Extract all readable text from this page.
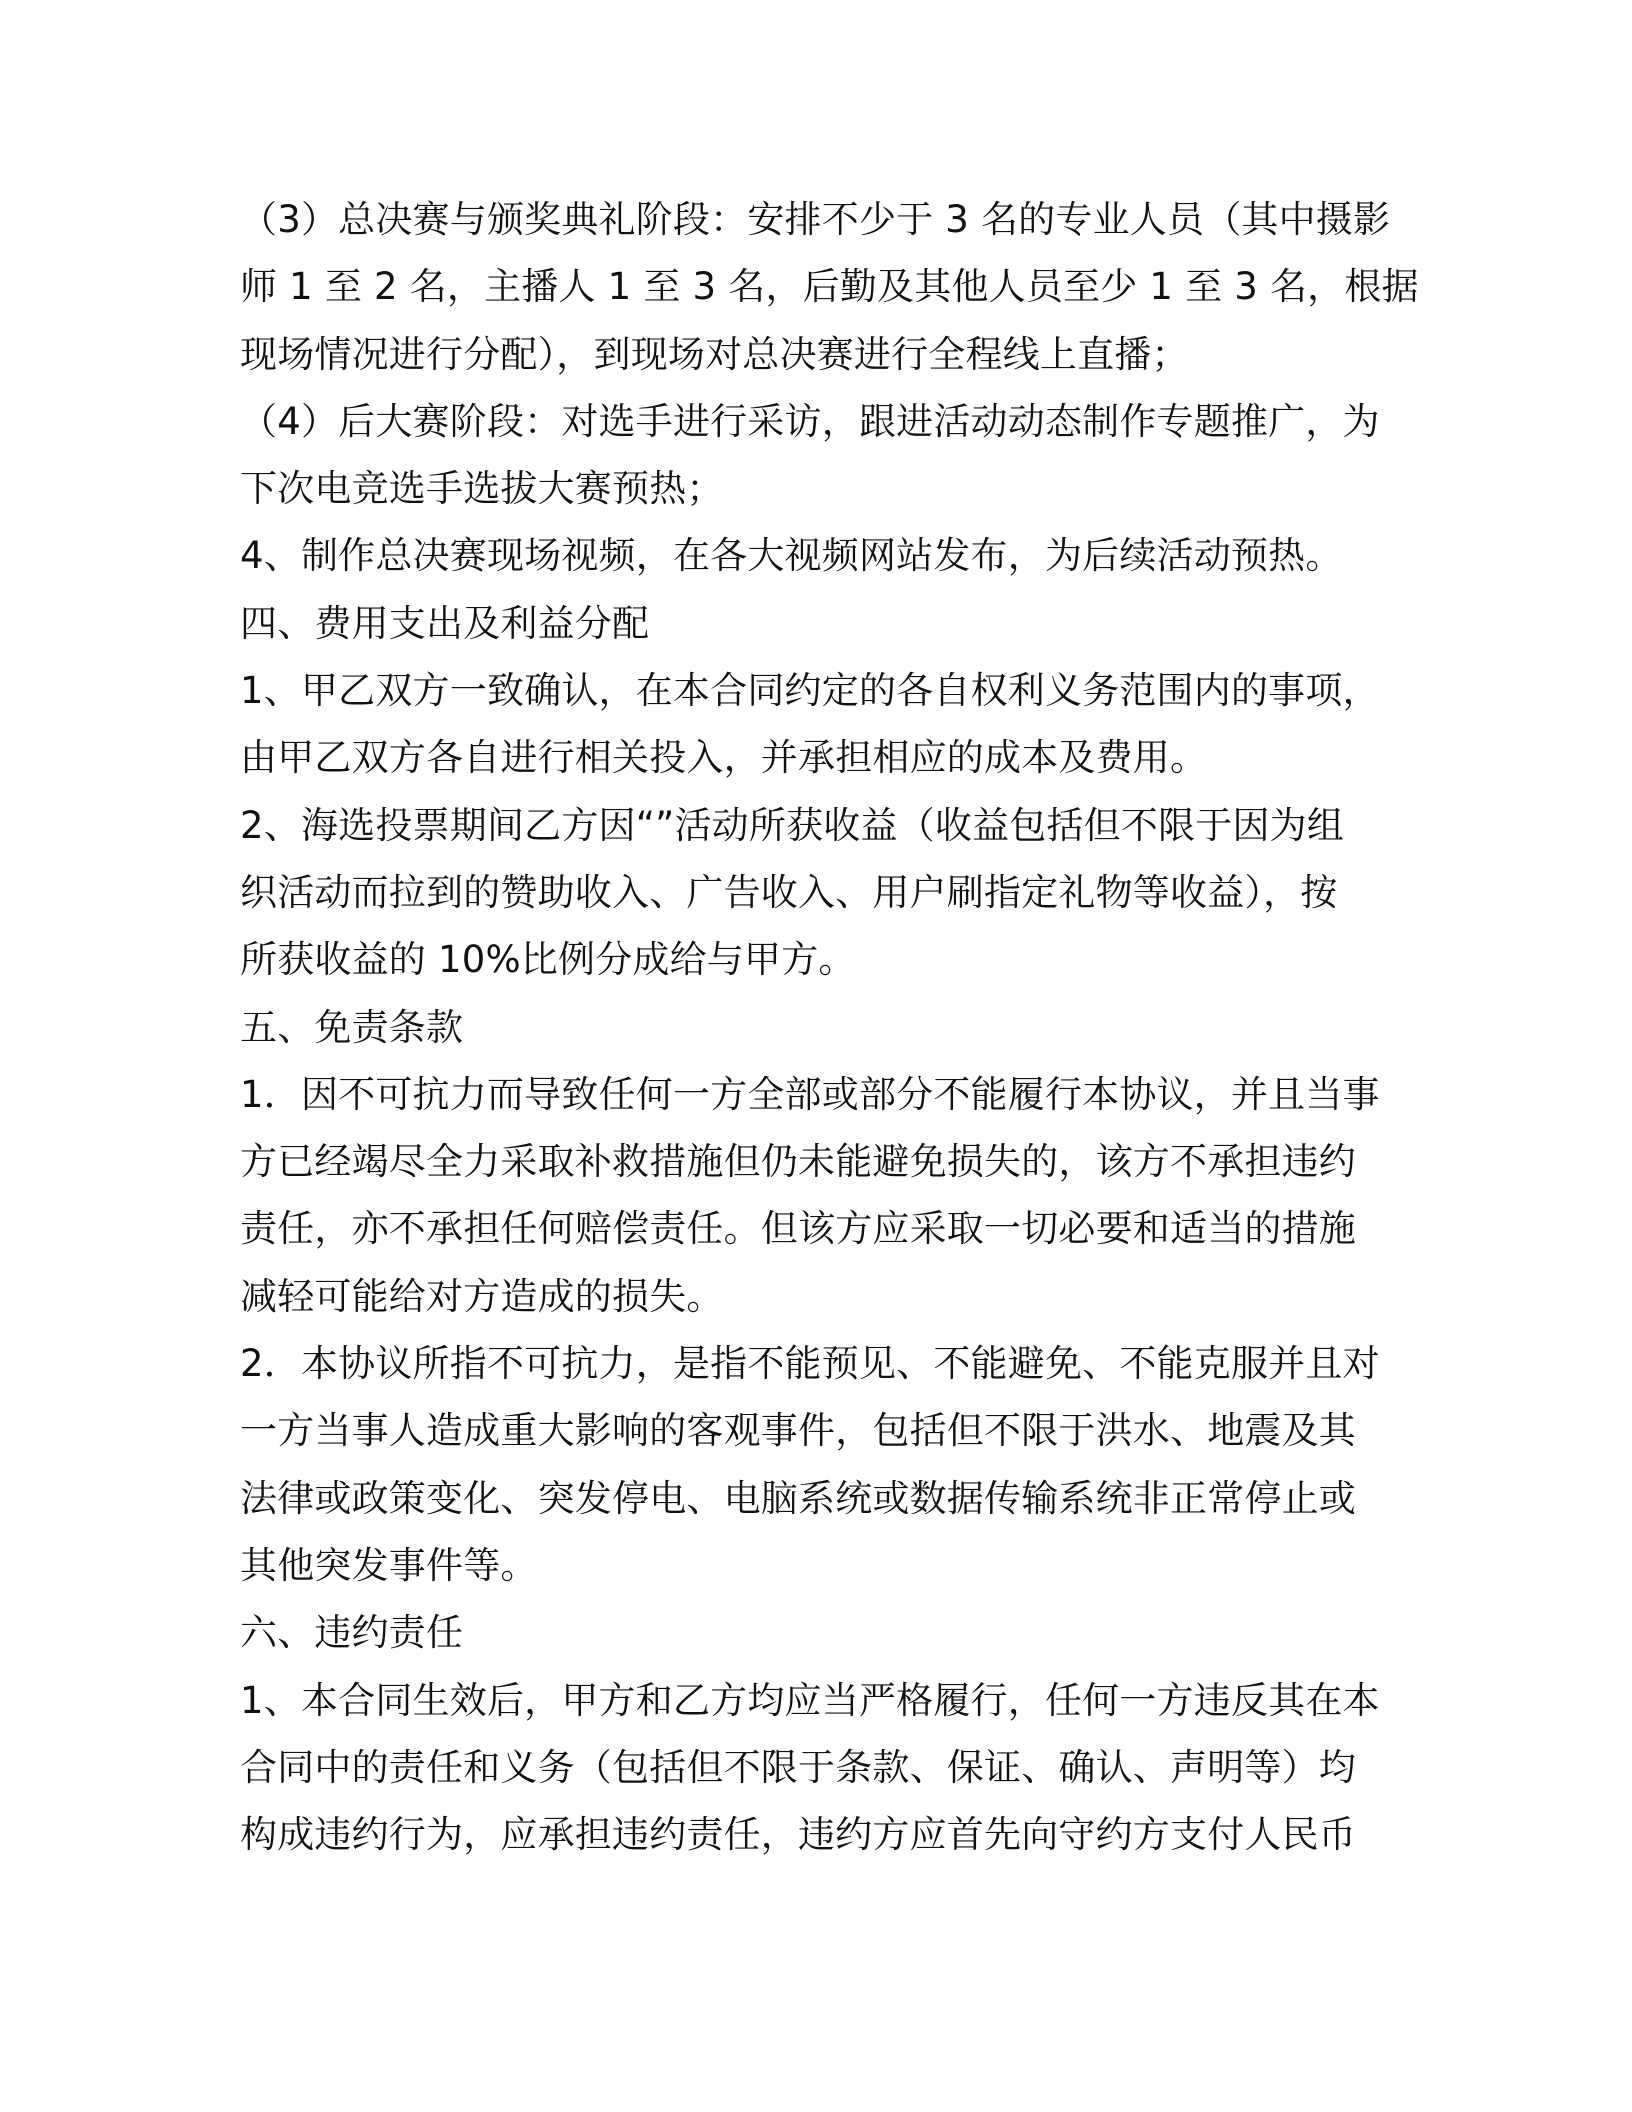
（3）总决赛与颁奖典礼阶段：安排不少于 3 名的专业人员（其中摄影
师 1 至 2 名，主播人 1 至 3 名，后勤及其他人员至少 1 至 3 名，根据
现场情况进行分配），到现场对总决赛进行全程线上直播；
（4）后大赛阶段：对选手进行采访，跟进活动动态制作专题推广，为
下次电竞选手选拔大赛预热；
4、制作总决赛现场视频，在各大视频网站发布，为后续活动预热。
四、费用支出及利益分配
1、甲乙双方一致确认，在本合同约定的各自权利义务范围内的事项，
由甲乙双方各自进行相关投入，并承担相应的成本及费用。
2、海选投票期间乙方因“”活动所获收益（收益包括但不限于因为组
织活动而拉到的赞助收入、广告收入、用户刷指定礼物等收益），按
所获收益的 10%比例分成给与甲方。
五、免责条款
1．因不可抗力而导致任何一方全部或部分不能履行本协议，并且当事
方已经竭尽全力采取补救措施但仍未能避免损失的，该方不承担违约
责任，亦不承担任何赔偿责任。但该方应采取一切必要和适当的措施
减轻可能给对方造成的损失。
2．本协议所指不可抗力，是指不能预见、不能避免、不能克服并且对
一方当事人造成重大影响的客观事件，包括但不限于洪水、地震及其
法律或政策变化、突发停电、电脑系统或数据传输系统非正常停止或
其他突发事件等。
六、违约责任
1、本合同生效后，甲方和乙方均应当严格履行，任何一方违反其在本
合同中的责任和义务（包括但不限于条款、保证、确认、声明等）均
构成违约行为，应承担违约责任，违约方应首先向守约方支付人民币
